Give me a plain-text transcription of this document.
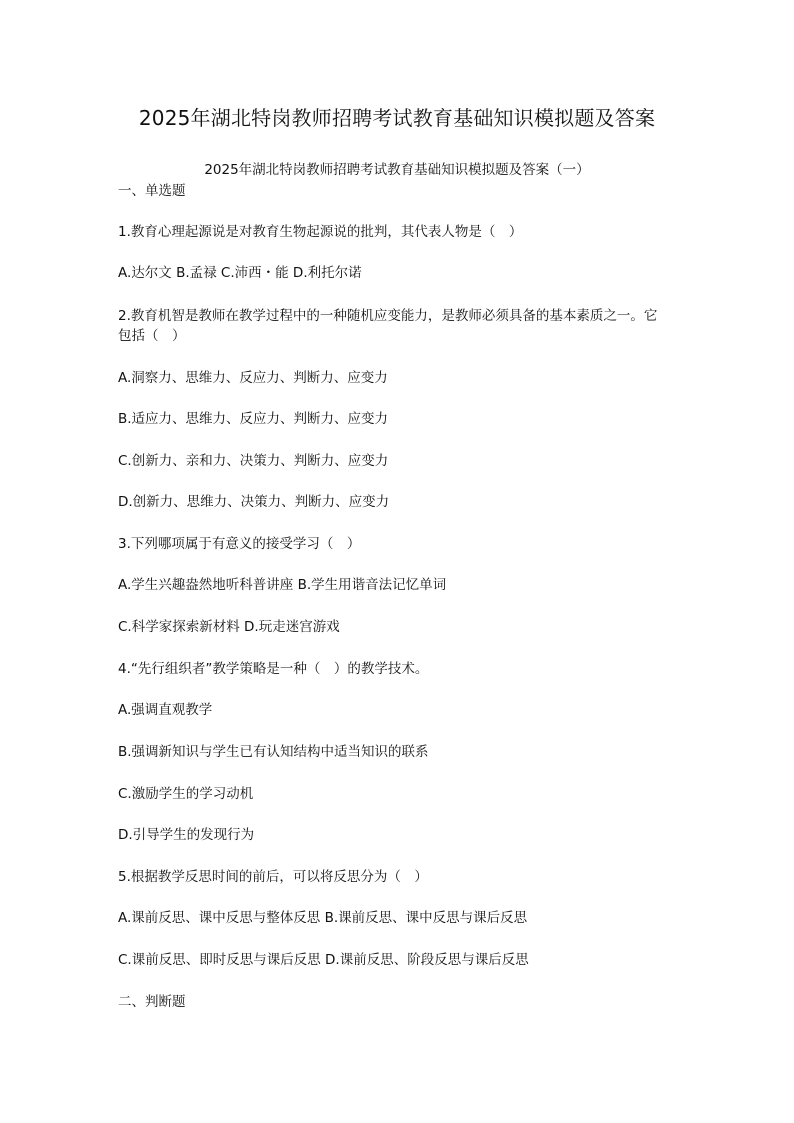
2025年湖北特岗教师招聘考试教育基础知识模拟题及答案
2025年湖北特岗教师招聘考试教育基础知识模拟题及答案（一）
一、单选题
1.教育心理起源说是对教育生物起源说的批判，其代表人物是（　）
A.达尔文 B.孟禄 C.沛西・能 D.利托尔诺
2.教育机智是教师在教学过程中的一种随机应变能力，是教师必须具备的基本素质之一。它包括（　）
A.洞察力、思维力、反应力、判断力、应变力
B.适应力、思维力、反应力、判断力、应变力
C.创新力、亲和力、决策力、判断力、应变力
D.创新力、思维力、决策力、判断力、应变力
3.下列哪项属于有意义的接受学习（　）
A.学生兴趣盎然地听科普讲座 B.学生用谐音法记忆单词
C.科学家探索新材料 D.玩走迷宫游戏
4.“先行组织者”教学策略是一种（　）的教学技术。
A.强调直观教学
B.强调新知识与学生已有认知结构中适当知识的联系
C.激励学生的学习动机
D.引导学生的发现行为
5.根据教学反思时间的前后，可以将反思分为（　）
A.课前反思、课中反思与整体反思 B.课前反思、课中反思与课后反思
C.课前反思、即时反思与课后反思 D.课前反思、阶段反思与课后反思
二、判断题
